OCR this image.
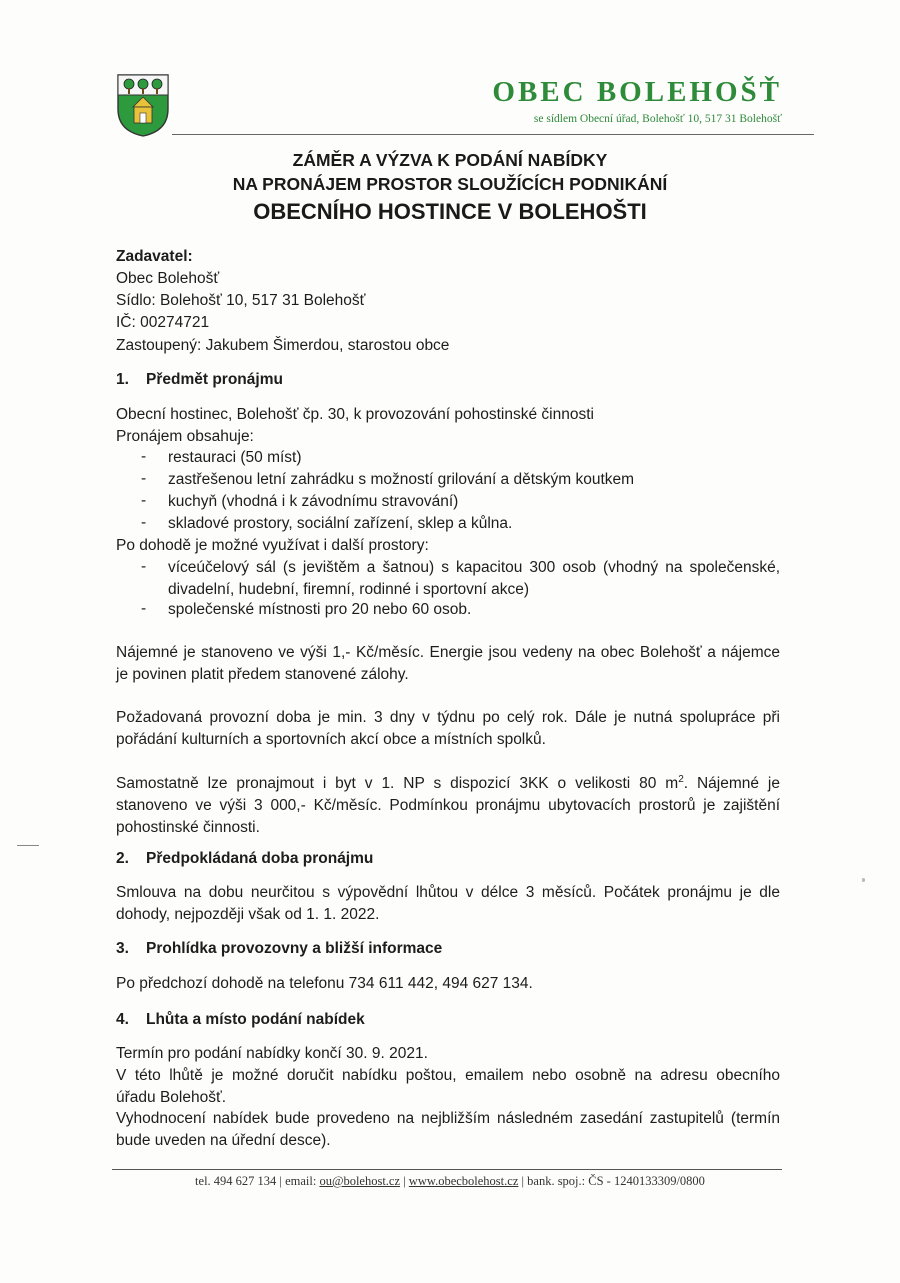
OBEC BOLEHOŠŤ
se sídlem Obecní úřad, Bolehošť 10, 517 31 Bolehošť
ZÁMĚR A VÝZVA K PODÁNÍ NABÍDKY
NA PRONÁJEM PROSTOR SLOUŽÍCÍCH PODNIKÁNÍ
OBECNÍHO HOSTINCE V BOLEHOŠTI
Zadavatel:
Obec Bolehošť
Sídlo: Bolehošť 10, 517 31 Bolehošť
IČ: 00274721
Zastoupený: Jakubem Šimerdou, starostou obce
1. Předmět pronájmu
Obecní hostinec, Bolehošť čp. 30, k provozování pohostinské činnosti
Pronájem obsahuje:
- restauraci (50 míst)
- zastřešenou letní zahrádku s možností grilování a dětským koutkem
- kuchyň (vhodná i k závodnímu stravování)
- skladové prostory, sociální zařízení, sklep a kůlna.
Po dohodě je možné využívat i další prostory:
- víceúčelový sál (s jevištěm a šatnou) s kapacitou 300 osob (vhodný na společenské,
divadelní, hudební, firemní, rodinné i sportovní akce)
- společenské místnosti pro 20 nebo 60 osob.
Nájemné je stanoveno ve výši 1,- Kč/měsíc. Energie jsou vedeny na obec Bolehošť a nájemce
je povinen platit předem stanovené zálohy.
Požadovaná provozní doba je min. 3 dny v týdnu po celý rok. Dále je nutná spolupráce při
pořádání kulturních a sportovních akcí obce a místních spolků.
Samostatně lze pronajmout i byt v 1. NP s dispozicí 3KK o velikosti 80 $m^2$. Nájemné je
stanoveno ve výši 3 000,- Kč/měsíc. Podmínkou pronájmu ubytovacích prostorů je zajištění
pohostinské činnosti.
2. Předpokládaná doba pronájmu
Smlouva na dobu neurčitou s výpovědní lhůtou v délce 3 měsíců. Počátek pronájmu je dle
dohody, nejpozději však od 1. 1. 2022.
3. Prohlídka provozovny a bližší informace
Po předchozí dohodě na telefonu 734 611 442, 494 627 134.
4. Lhůta a místo podání nabídek
Termín pro podání nabídky končí 30. 9. 2021.
V této lhůtě je možné doručit nabídku poštou, emailem nebo osobně na adresu obecního
úřadu Bolehošť.
Vyhodnocení nabídek bude provedeno na nejbližším následném zasedání zastupitelů (termín
bude uveden na úřední desce).
tel. 494 627 134 | email: ou@bolehost.cz | www.obecbolehost.cz | bank. spoj.: ČS - 1240133309/0800
